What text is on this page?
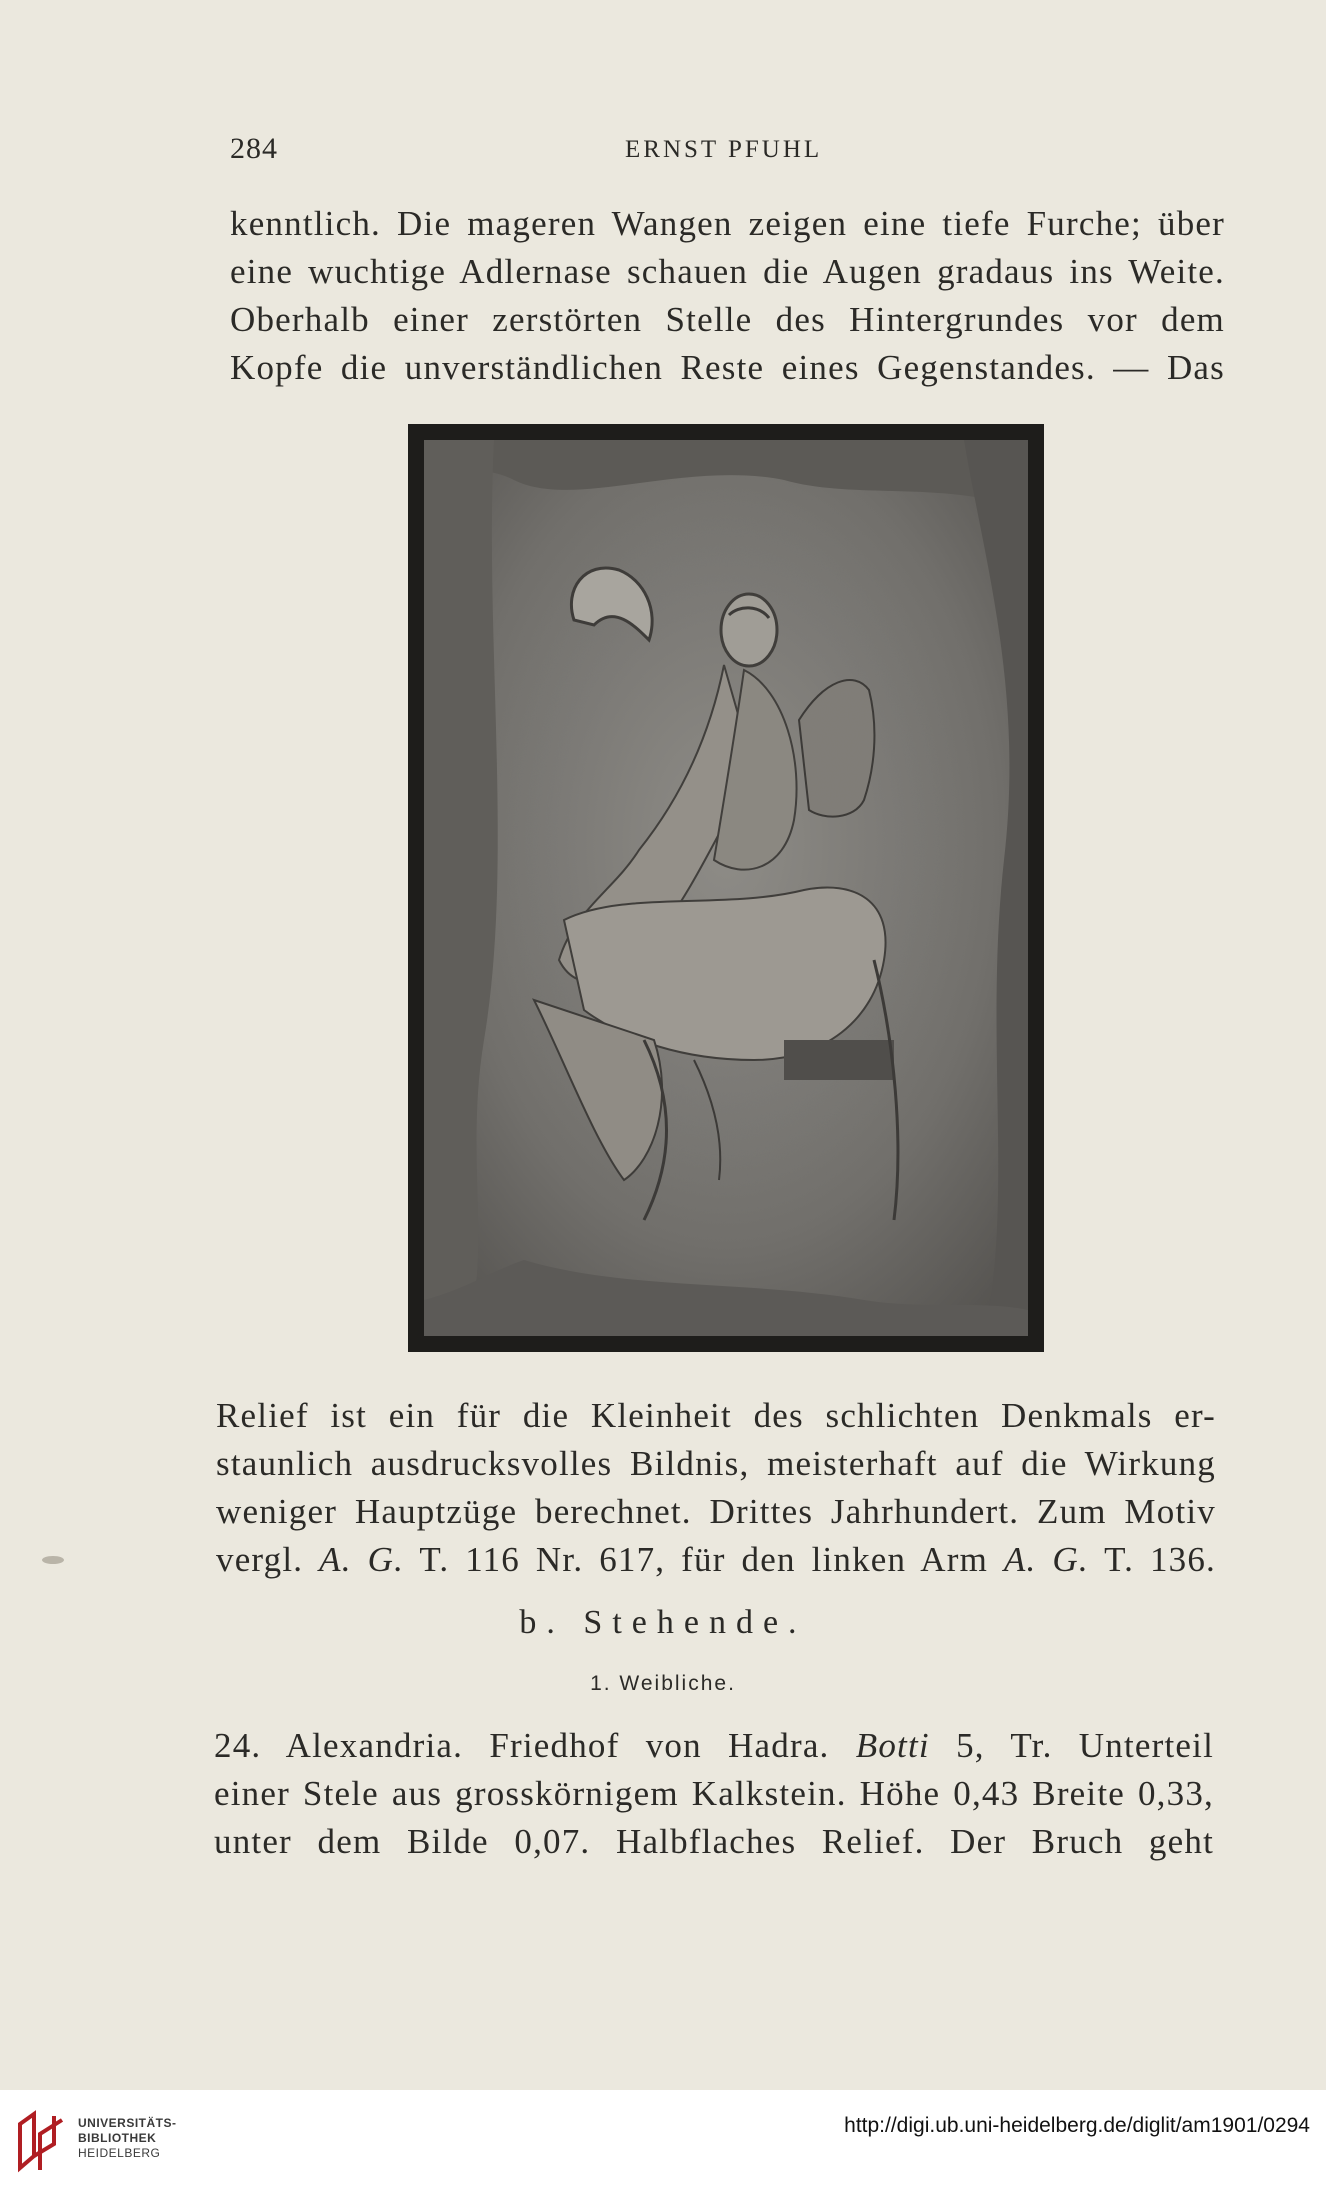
284	ERNST PFUHL
kenntlich. Die mageren Wangen zeigen eine tiefe Furche; über
eine wuchtige Adlernase schauen die Augen gradaus ins Weite.
Oberhalb einer zerstörten Stelle des Hintergrundes vor dem
Kopfe die unverständlichen Reste eines Gegenstandes. — Das
Relief ist ein für die Kleinheit des schlichten Denkmals er-
staunlich ausdrucksvolles Bildnis, meisterhaft auf die Wirkung
weniger Hauptzüge berechnet. Drittes Jahrhundert. Zum Motiv
vergl. A. G. T. 116 Nr. 617, für den linken Arm A. G. T. 136.
b. Stehende.
1. Weibliche.
24. Alexandria. Friedhof von Hadra. Botti 5, Tr. Unterteil
einer Stele aus grosskörnigem Kalkstein. Höhe 0,43 Breite 0,33,
unter dem Bilde 0,07. Halbflaches Relief. Der Bruch geht
UNIVERSITÄTS-
BIBLIOTHEK
HEIDELBERG
http://digi.ub.uni-heidelberg.de/diglit/am1901/0294
